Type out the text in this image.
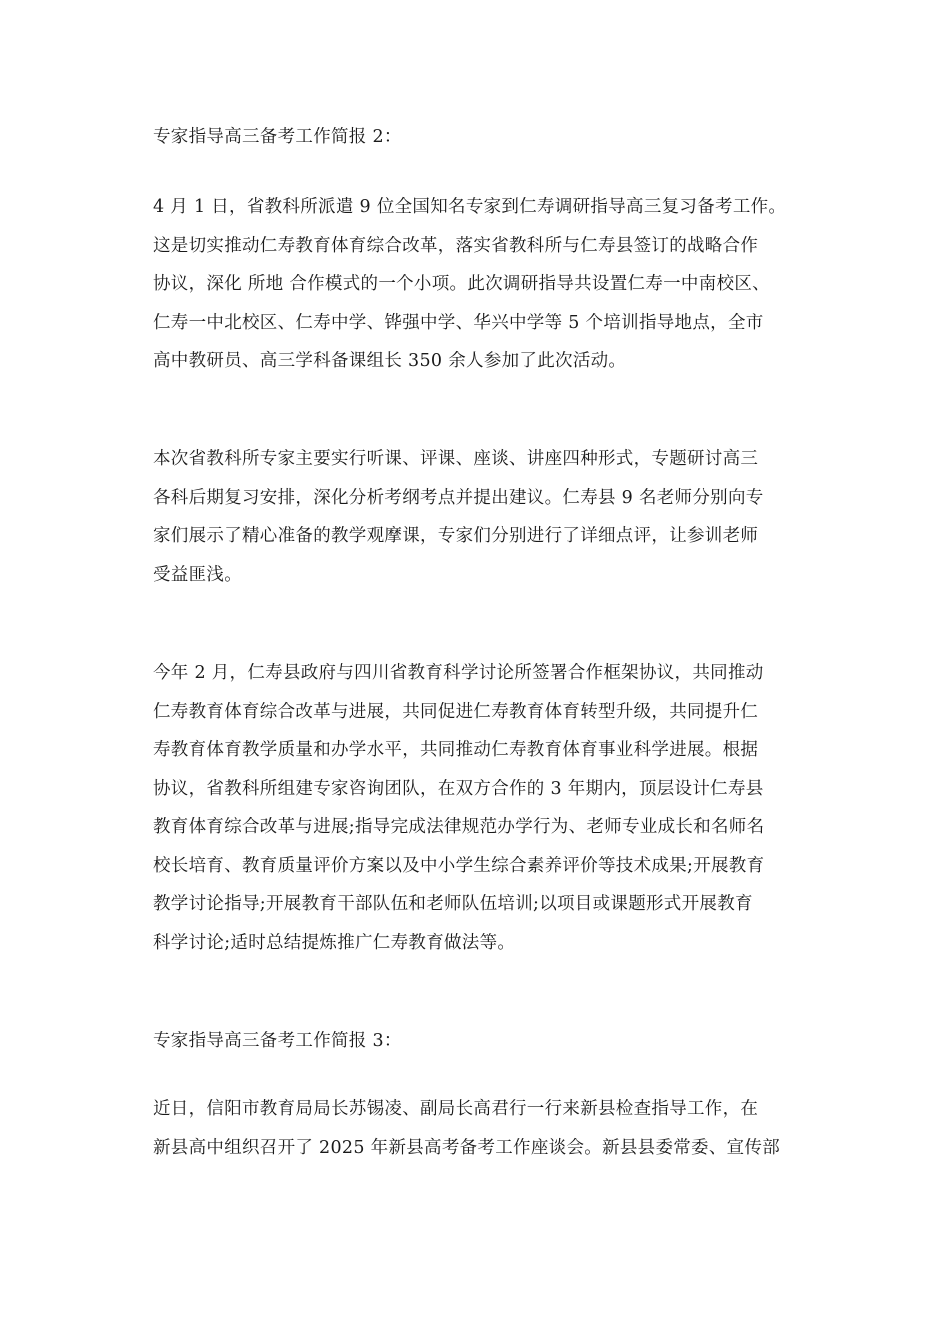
专家指导高三备考工作简报 2：
4 月 1 日，省教科所派遣 9 位全国知名专家到仁寿调研指导高三复习备考工作。
这是切实推动仁寿教育体育综合改革，落实省教科所与仁寿县签订的战略合作
协议，深化 所地 合作模式的一个小项。此次调研指导共设置仁寿一中南校区、
仁寿一中北校区、仁寿中学、铧强中学、华兴中学等 5 个培训指导地点，全市
高中教研员、高三学科备课组长 350 余人参加了此次活动。
本次省教科所专家主要实行听课、评课、座谈、讲座四种形式，专题研讨高三
各科后期复习安排，深化分析考纲考点并提出建议。仁寿县 9 名老师分别向专
家们展示了精心准备的教学观摩课，专家们分别进行了详细点评，让参训老师
受益匪浅。
今年 2 月，仁寿县政府与四川省教育科学讨论所签署合作框架协议，共同推动
仁寿教育体育综合改革与进展，共同促进仁寿教育体育转型升级，共同提升仁
寿教育体育教学质量和办学水平，共同推动仁寿教育体育事业科学进展。根据
协议，省教科所组建专家咨询团队，在双方合作的 3 年期内，顶层设计仁寿县
教育体育综合改革与进展;指导完成法律规范办学行为、老师专业成长和名师名
校长培育、教育质量评价方案以及中小学生综合素养评价等技术成果;开展教育
教学讨论指导;开展教育干部队伍和老师队伍培训;以项目或课题形式开展教育
科学讨论;适时总结提炼推广仁寿教育做法等。
专家指导高三备考工作简报 3：
近日，信阳市教育局局长苏锡凌、副局长高君行一行来新县检查指导工作，在
新县高中组织召开了 2025 年新县高考备考工作座谈会。新县县委常委、宣传部
